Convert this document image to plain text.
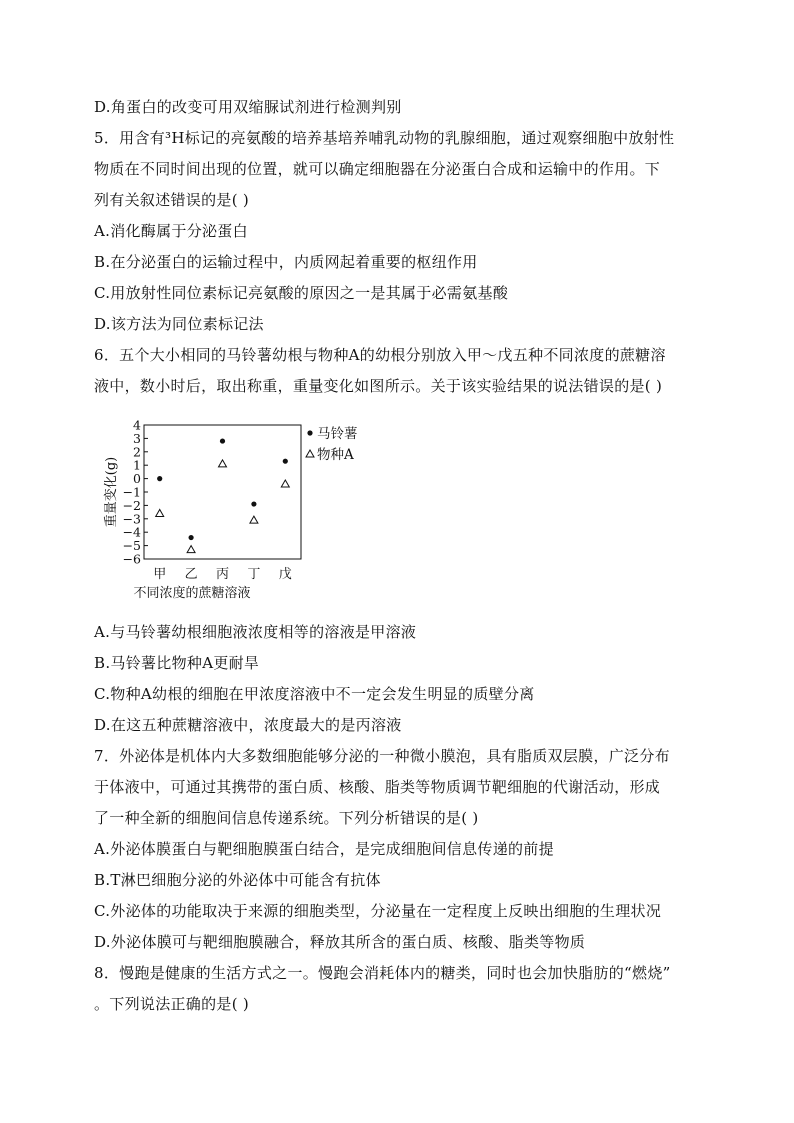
D.角蛋白的改变可用双缩脲试剂进行检测判别
5．用含有³H标记的亮氨酸的培养基培养哺乳动物的乳腺细胞，通过观察细胞中放射性
物质在不同时间出现的位置，就可以确定细胞器在分泌蛋白合成和运输中的作用。下
列有关叙述错误的是( )
A.消化酶属于分泌蛋白
B.在分泌蛋白的运输过程中，内质网起着重要的枢纽作用
C.用放射性同位素标记亮氨酸的原因之一是其属于必需氨基酸
D.该方法为同位素标记法
6．五个大小相同的马铃薯幼根与物种A的幼根分别放入甲～戊五种不同浓度的蔗糖溶
液中，数小时后，取出称重，重量变化如图所示。关于该实验结果的说法错误的是( )
4
3
2
1
0
−1
−2
−3
−4
−5
−6
甲 乙 丙 丁 戊
重量变化(g)
不同浓度的蔗糖溶液
马铃薯
物种A
A.与马铃薯幼根细胞液浓度相等的溶液是甲溶液
B.马铃薯比物种A更耐旱
C.物种A幼根的细胞在甲浓度溶液中不一定会发生明显的质壁分离
D.在这五种蔗糖溶液中，浓度最大的是丙溶液
7．外泌体是机体内大多数细胞能够分泌的一种微小膜泡，具有脂质双层膜，广泛分布
于体液中，可通过其携带的蛋白质、核酸、脂类等物质调节靶细胞的代谢活动，形成
了一种全新的细胞间信息传递系统。下列分析错误的是( )
A.外泌体膜蛋白与靶细胞膜蛋白结合，是完成细胞间信息传递的前提
B.T淋巴细胞分泌的外泌体中可能含有抗体
C.外泌体的功能取决于来源的细胞类型，分泌量在一定程度上反映出细胞的生理状况
D.外泌体膜可与靶细胞膜融合，释放其所含的蛋白质、核酸、脂类等物质
8．慢跑是健康的生活方式之一。慢跑会消耗体内的糖类，同时也会加快脂肪的“燃烧”
。下列说法正确的是( )
